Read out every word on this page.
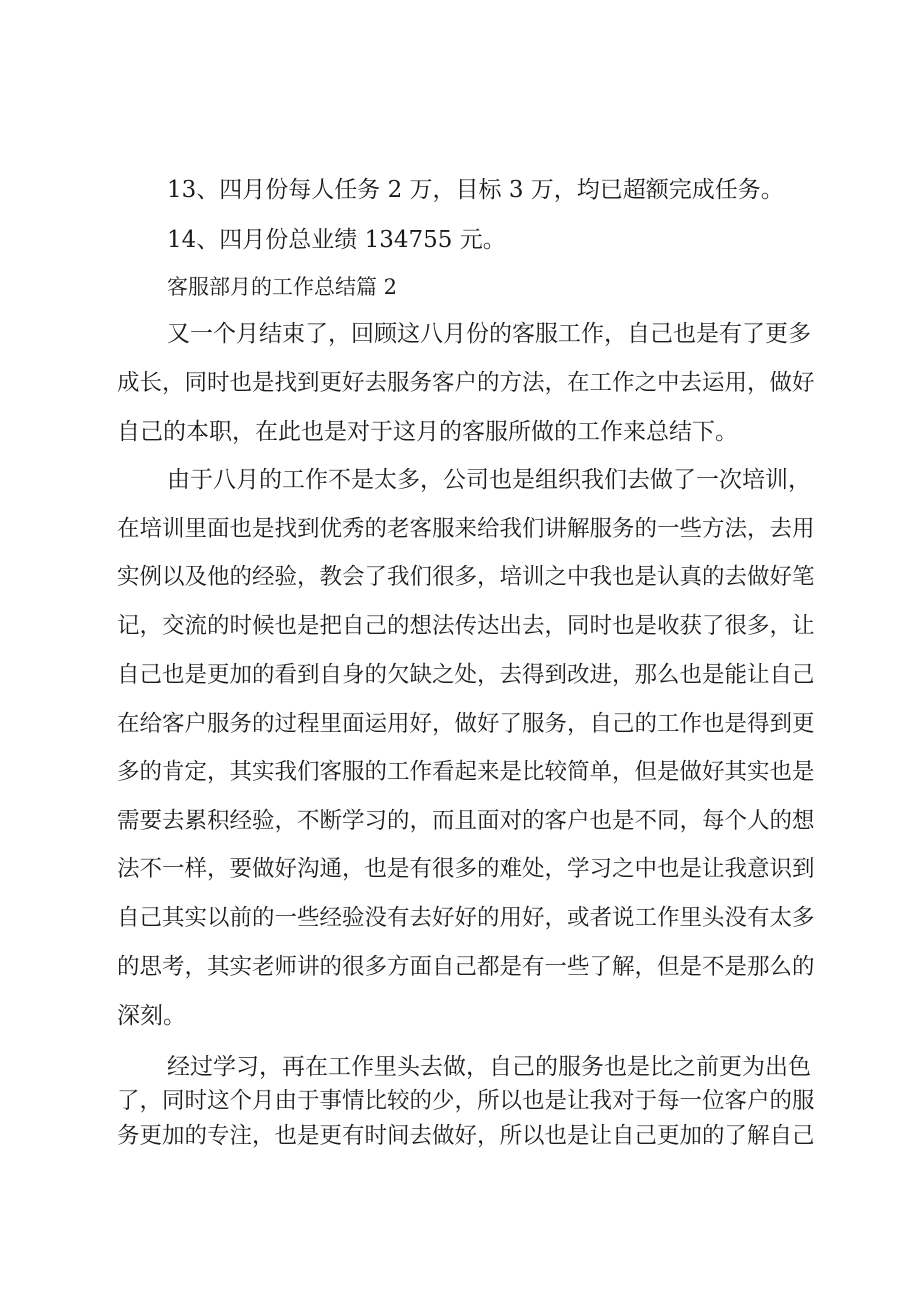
13、四月份每人任务 2 万，目标 3 万，均已超额完成任务。
14、四月份总业绩 134755 元。
客服部月的工作总结篇 2
又一个月结束了，回顾这八月份的客服工作，自己也是有了更多
成长，同时也是找到更好去服务客户的方法，在工作之中去运用，做好
自己的本职，在此也是对于这月的客服所做的工作来总结下。
由于八月的工作不是太多，公司也是组织我们去做了一次培训，
在培训里面也是找到优秀的老客服来给我们讲解服务的一些方法，去用
实例以及他的经验，教会了我们很多，培训之中我也是认真的去做好笔
记，交流的时候也是把自己的想法传达出去，同时也是收获了很多，让
自己也是更加的看到自身的欠缺之处，去得到改进，那么也是能让自己
在给客户服务的过程里面运用好，做好了服务，自己的工作也是得到更
多的肯定，其实我们客服的工作看起来是比较简单，但是做好其实也是
需要去累积经验，不断学习的，而且面对的客户也是不同，每个人的想
法不一样，要做好沟通，也是有很多的难处，学习之中也是让我意识到
自己其实以前的一些经验没有去好好的用好，或者说工作里头没有太多
的思考，其实老师讲的很多方面自己都是有一些了解，但是不是那么的
深刻。
经过学习，再在工作里头去做，自己的服务也是比之前更为出色
了，同时这个月由于事情比较的少，所以也是让我对于每一位客户的服
务更加的专注，也是更有时间去做好，所以也是让自己更加的了解自己
